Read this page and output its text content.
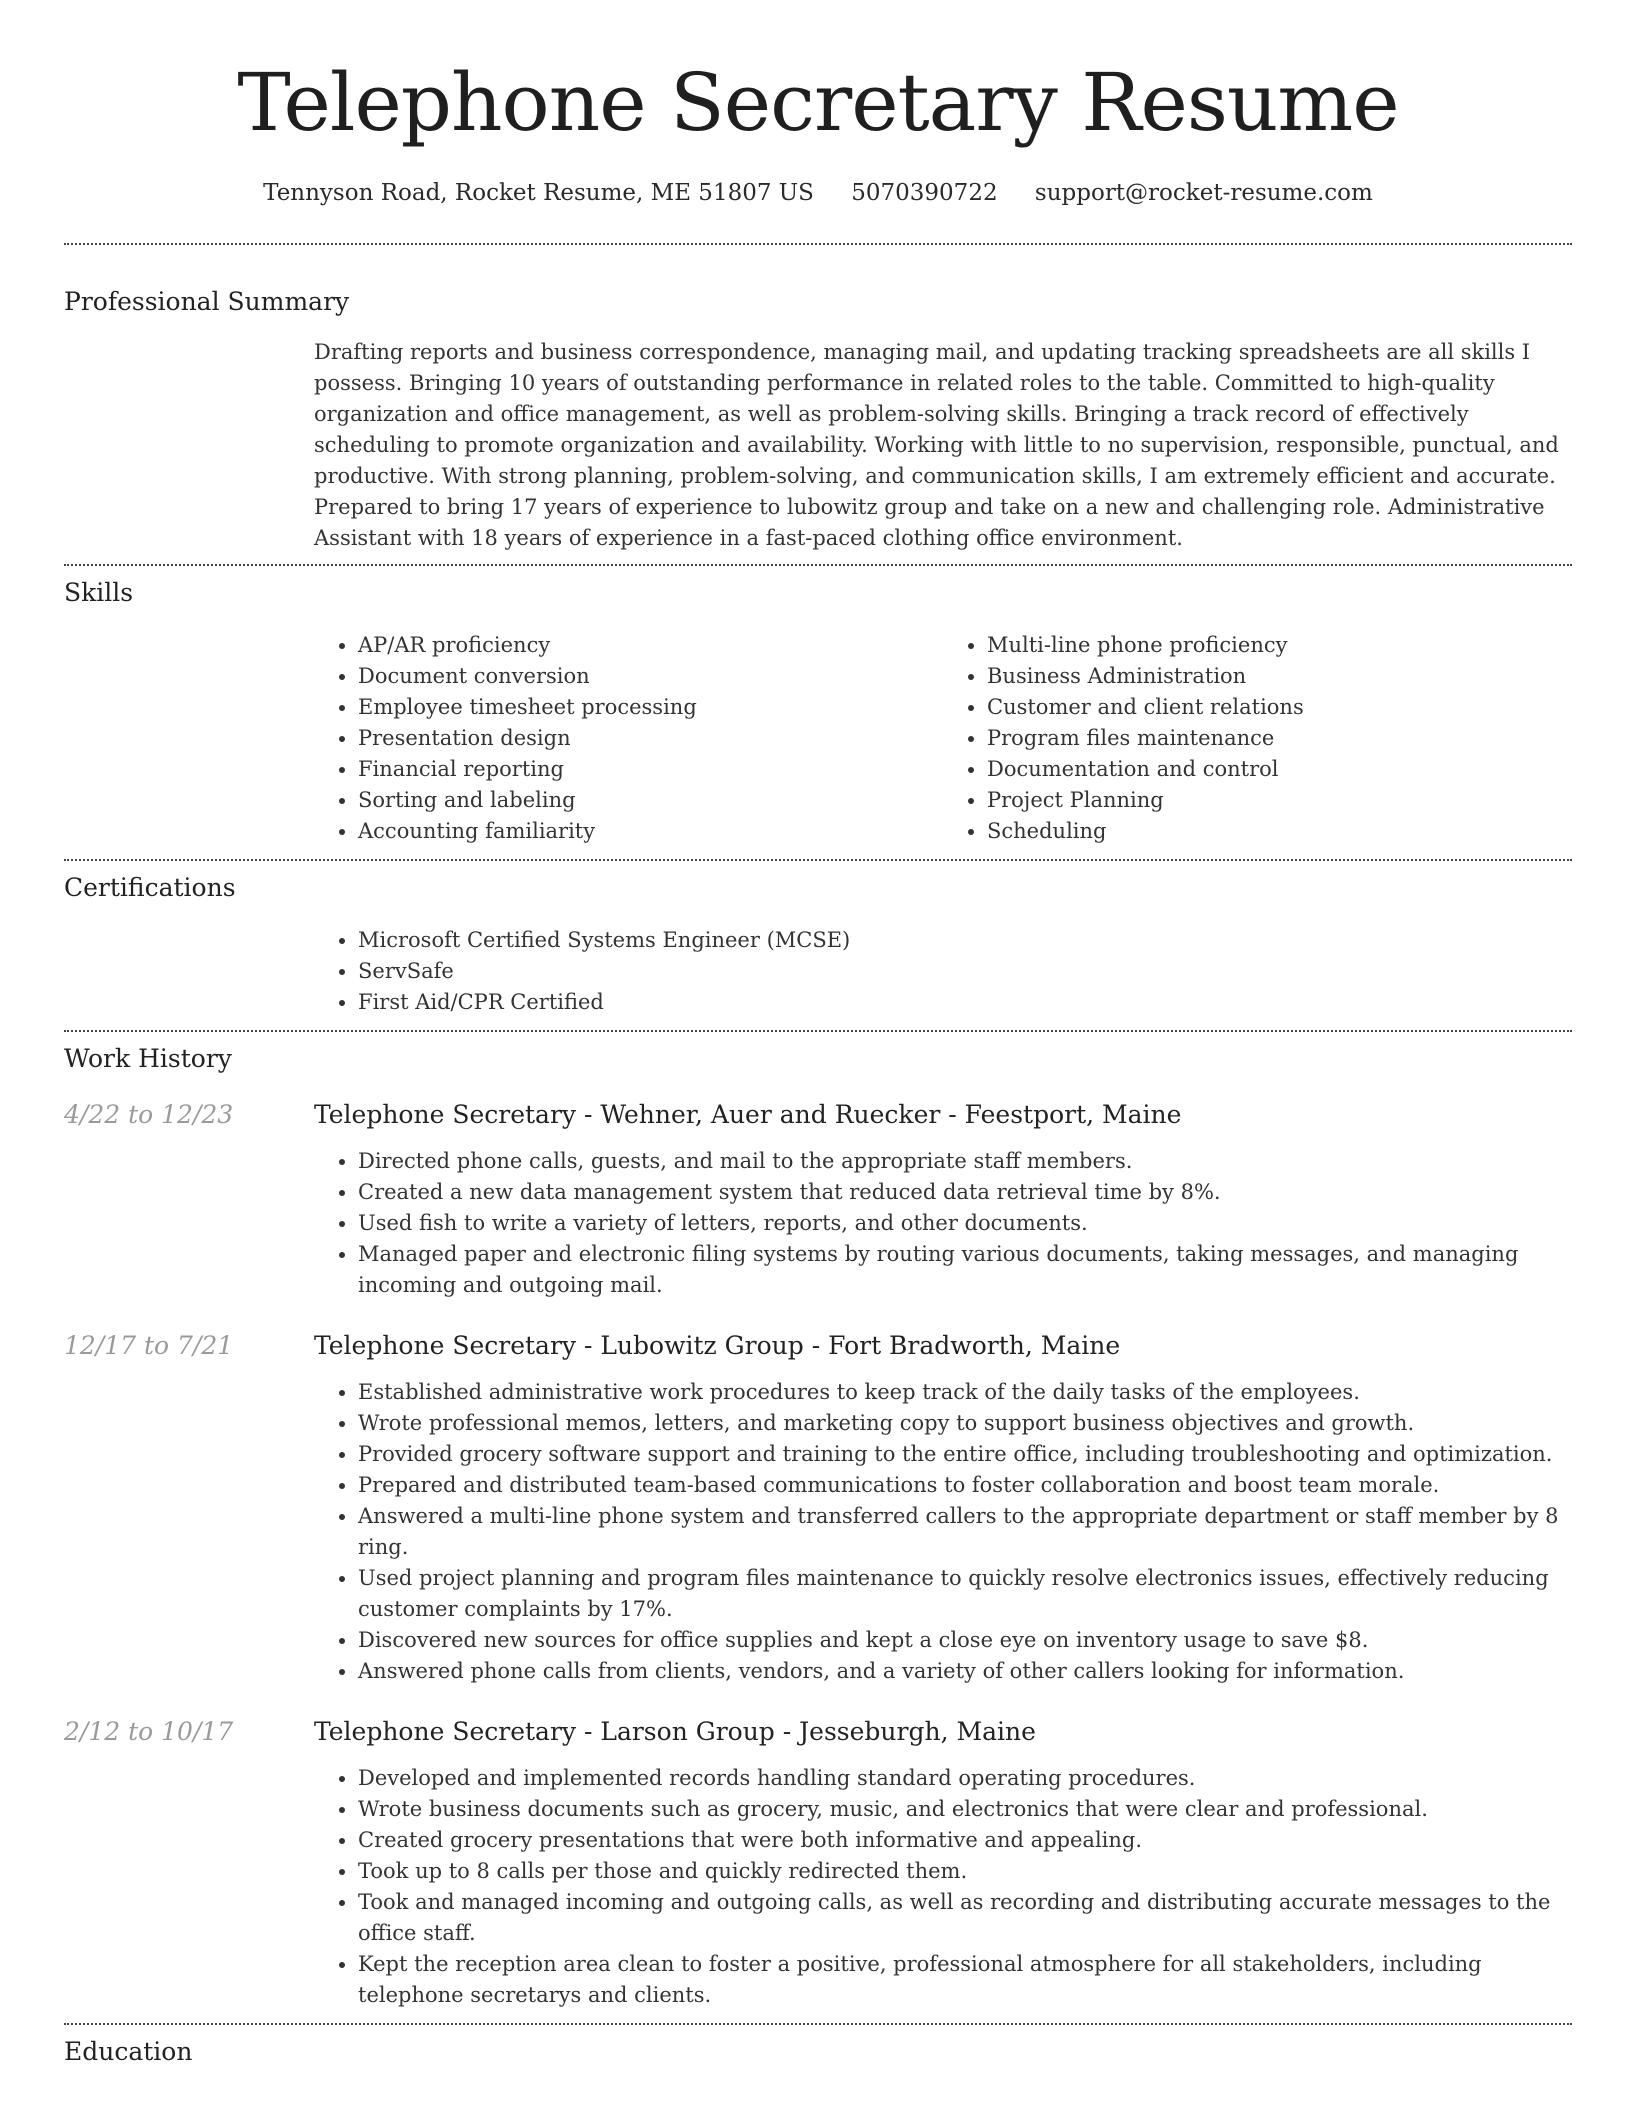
Telephone Secretary Resume
Tennyson Road, Rocket Resume, ME 51807 US 5070390722 support@rocket-resume.com
Professional Summary

Drafting reports and business correspondence, managing mail, and updating tracking spreadsheets are all skills I possess. Bringing 10 years of outstanding performance in related roles to the table. Committed to high-quality organization and office management, as well as problem-solving skills. Bringing a track record of effectively scheduling to promote organization and availability. Working with little to no supervision, responsible, punctual, and productive. With strong planning, problem-solving, and communication skills, I am extremely efficient and accurate. Prepared to bring 17 years of experience to lubowitz group and take on a new and challenging role. Administrative Assistant with 18 years of experience in a fast-paced clothing office environment.

Skills
• AP/AR proficiency
• Document conversion
• Employee timesheet processing
• Presentation design
• Financial reporting
• Sorting and labeling
• Accounting familiarity
• Multi-line phone proficiency
• Business Administration
• Customer and client relations
• Program files maintenance
• Documentation and control
• Project Planning
• Scheduling
Certifications
• Microsoft Certified Systems Engineer (MCSE)
• ServSafe
• First Aid/CPR Certified
Work History
4/22 to 12/23	Telephone Secretary - Wehner, Auer and Ruecker - Feestport, Maine
• Directed phone calls, guests, and mail to the appropriate staff members.
• Created a new data management system that reduced data retrieval time by 8%.
• Used fish to write a variety of letters, reports, and other documents.
• Managed paper and electronic filing systems by routing various documents, taking messages, and managing incoming and outgoing mail.
12/17 to 7/21	Telephone Secretary - Lubowitz Group - Fort Bradworth, Maine
• Established administrative work procedures to keep track of the daily tasks of the employees.
• Wrote professional memos, letters, and marketing copy to support business objectives and growth.
• Provided grocery software support and training to the entire office, including troubleshooting and optimization.
• Prepared and distributed team-based communications to foster collaboration and boost team morale.
• Answered a multi-line phone system and transferred callers to the appropriate department or staff member by 8 ring.
• Used project planning and program files maintenance to quickly resolve electronics issues, effectively reducing customer complaints by 17%.
• Discovered new sources for office supplies and kept a close eye on inventory usage to save $8.
• Answered phone calls from clients, vendors, and a variety of other callers looking for information.
2/12 to 10/17	Telephone Secretary - Larson Group - Jesseburgh, Maine
• Developed and implemented records handling standard operating procedures.
• Wrote business documents such as grocery, music, and electronics that were clear and professional.
• Created grocery presentations that were both informative and appealing.
• Took up to 8 calls per those and quickly redirected them.
• Took and managed incoming and outgoing calls, as well as recording and distributing accurate messages to the office staff.
• Kept the reception area clean to foster a positive, professional atmosphere for all stakeholders, including telephone secretarys and clients.
Education
